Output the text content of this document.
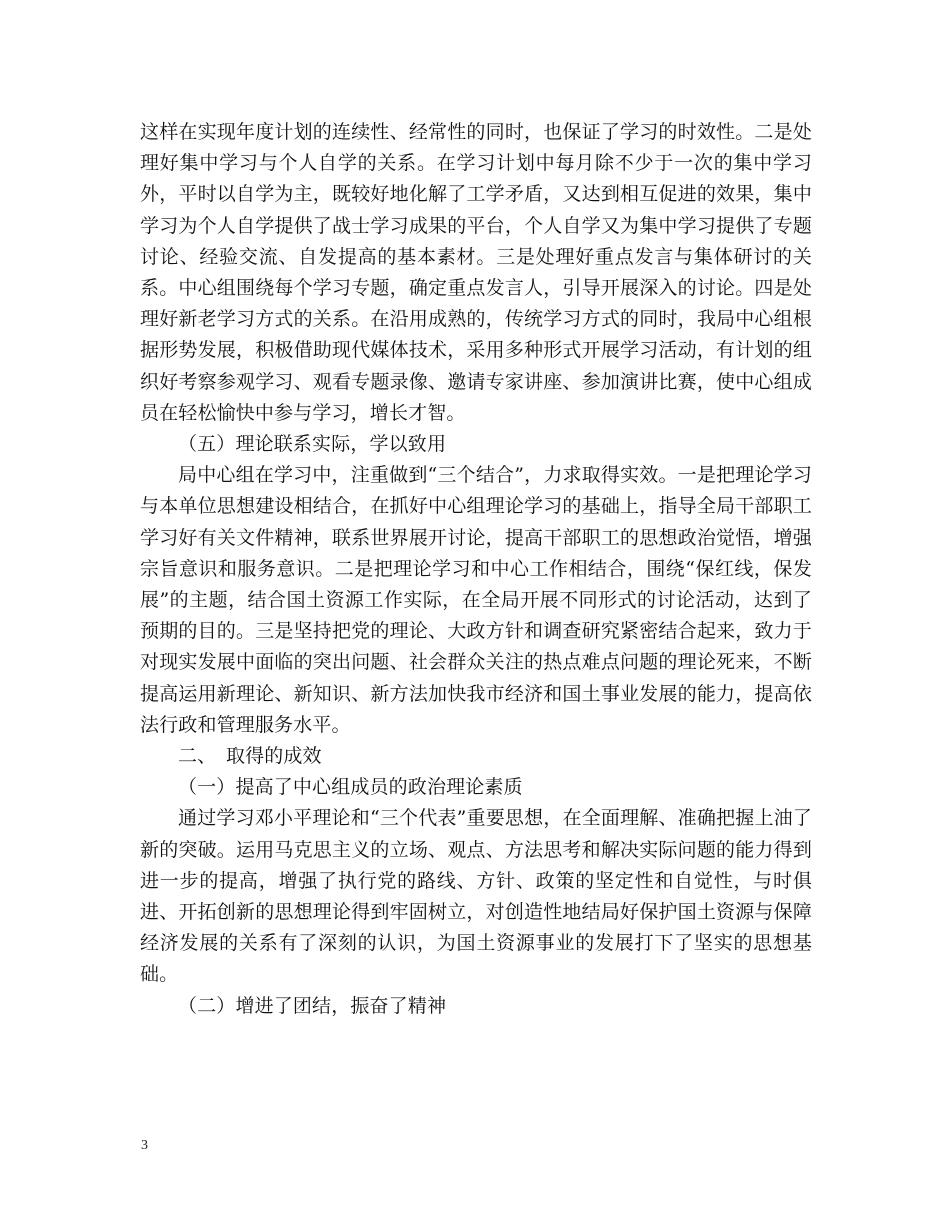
这样在实现年度计划的连续性、经常性的同时，也保证了学习的时效性。二是处理好集中学习与个人自学的关系。在学习计划中每月除不少于一次的集中学习外，平时以自学为主，既较好地化解了工学矛盾，又达到相互促进的效果，集中学习为个人自学提供了战士学习成果的平台，个人自学又为集中学习提供了专题讨论、经验交流、自发提高的基本素材。三是处理好重点发言与集体研讨的关系。中心组围绕每个学习专题，确定重点发言人，引导开展深入的讨论。四是处理好新老学习方式的关系。在沿用成熟的，传统学习方式的同时，我局中心组根据形势发展，积极借助现代媒体技术，采用多种形式开展学习活动，有计划的组织好考察参观学习、观看专题录像、邀请专家讲座、参加演讲比赛，使中心组成员在轻松愉快中参与学习，增长才智。

（五）理论联系实际，学以致用

局中心组在学习中，注重做到“三个结合”，力求取得实效。一是把理论学习与本单位思想建设相结合，在抓好中心组理论学习的基础上，指导全局干部职工学习好有关文件精神，联系世界展开讨论，提高干部职工的思想政治觉悟，增强宗旨意识和服务意识。二是把理论学习和中心工作相结合，围绕“保红线，保发展”的主题，结合国土资源工作实际，在全局开展不同形式的讨论活动，达到了预期的目的。三是坚持把党的理论、大政方针和调查研究紧密结合起来，致力于对现实发展中面临的突出问题、社会群众关注的热点难点问题的理论死来，不断提高运用新理论、新知识、新方法加快我市经济和国土事业发展的能力，提高依法行政和管理服务水平。

二、　取得的成效

（一）提高了中心组成员的政治理论素质

通过学习邓小平理论和“三个代表”重要思想，在全面理解、准确把握上油了新的突破。运用马克思主义的立场、观点、方法思考和解决实际问题的能力得到进一步的提高，增强了执行党的路线、方针、政策的坚定性和自觉性，与时俱进、开拓创新的思想理论得到牢固树立，对创造性地结局好保护国土资源与保障经济发展的关系有了深刻的认识，为国土资源事业的发展打下了坚实的思想基础。

（二）增进了团结，振奋了精神

3
